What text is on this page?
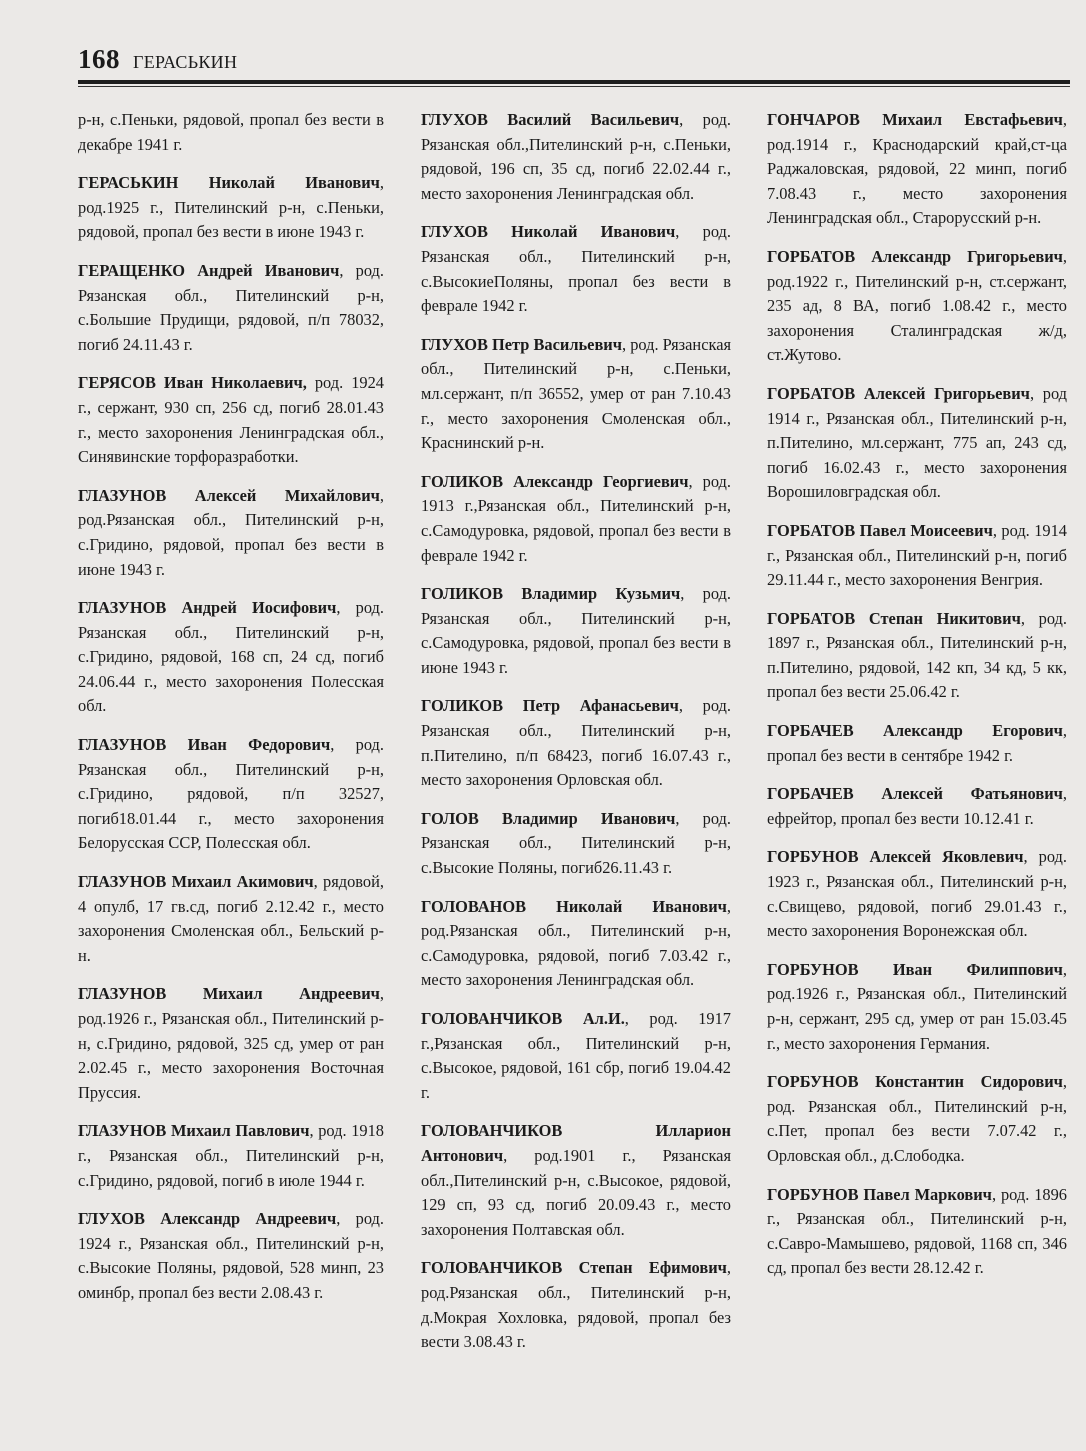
168 ГЕРАСЬКИН

р-н, с.Пеньки, рядовой, пропал без вести в декабре 1941 г.

ГЕРАСЬКИН Николай Иванович, род.1925 г., Пителинский р-н, с.Пеньки, рядовой, пропал без вести в июне 1943 г.

ГЕРАЩЕНКО Андрей Иванович, род. Рязанская обл., Пителинский р-н, с.Большие Прудищи, рядовой, п/п 78032, погиб 24.11.43 г.

ГЕРЯСОВ Иван Николаевич, род. 1924 г., сержант, 930 сп, 256 сд, погиб 28.01.43 г., место захоронения Ленинградская обл., Синявинские торфоразработки.

ГЛАЗУНОВ Алексей Михайлович, род.Рязанская обл., Пителинский р-н, с.Гридино, рядовой, пропал без вести в июне 1943 г.

ГЛАЗУНОВ Андрей Иосифович, род. Рязанская обл., Пителинский р-н, с.Гридино, рядовой, 168 сп, 24 сд, погиб 24.06.44 г., место захоронения Полесская обл.

ГЛАЗУНОВ Иван Федорович, род. Рязанская обл., Пителинский р-н, с.Гридино, рядовой, п/п 32527, погиб18.01.44 г., место захоронения Белорусская ССР, Полесская обл.

ГЛАЗУНОВ Михаил Акимович, рядовой, 4 опулб, 17 гв.сд, погиб 2.12.42 г., место захоронения Смоленская обл., Бельский р-н.

ГЛАЗУНОВ Михаил Андреевич, род.1926 г., Рязанская обл., Пителинский р-н, с.Гридино, рядовой, 325 сд, умер от ран 2.02.45 г., место захоронения Восточная Пруссия.

ГЛАЗУНОВ Михаил Павлович, род. 1918 г., Рязанская обл., Пителинский р-н, с.Гридино, рядовой, погиб в июле 1944 г.

ГЛУХОВ Александр Андреевич, род. 1924 г., Рязанская обл., Пителинский р-н, с.Высокие Поляны, рядовой, 528 минп, 23 оминбр, пропал без вести 2.08.43 г.

ГЛУХОВ Василий Васильевич, род. Рязанская обл.,Пителинский р-н, с.Пеньки, рядовой, 196 сп, 35 сд, погиб 22.02.44 г., место захоронения Ленинградская обл.

ГЛУХОВ Николай Иванович, род. Рязанская обл., Пителинский р-н, с.ВысокиеПоляны, пропал без вести в феврале 1942 г.

ГЛУХОВ Петр Васильевич, род. Рязанская обл., Пителинский р-н, с.Пеньки, мл.сержант, п/п 36552, умер от ран 7.10.43 г., место захоронения Смоленская обл., Краснинский р-н.

ГОЛИКОВ Александр Георгиевич, род. 1913 г.,Рязанская обл., Пителинский р-н, с.Самодуровка, рядовой, пропал без вести в феврале 1942 г.

ГОЛИКОВ Владимир Кузьмич, род. Рязанская обл., Пителинский р-н, с.Самодуровка, рядовой, пропал без вести в июне 1943 г.

ГОЛИКОВ Петр Афанасьевич, род. Рязанская обл., Пителинский р-н, п.Пителино, п/п 68423, погиб 16.07.43 г., место захоронения Орловская обл.

ГОЛОВ Владимир Иванович, род. Рязанская обл., Пителинский р-н, с.Высокие Поляны, погиб26.11.43 г.

ГОЛОВАНОВ Николай Иванович, род.Рязанская обл., Пителинский р-н, с.Самодуровка, рядовой, погиб 7.03.42 г., место захоронения Ленинградская обл.

ГОЛОВАНЧИКОВ Ал.И., род. 1917 г.,Рязанская обл., Пителинский р-н, с.Высокое, рядовой, 161 сбр, погиб 19.04.42 г.

ГОЛОВАНЧИКОВ Илларион Антонович, род.1901 г., Рязанская обл.,Пителинский р-н, с.Высокое, рядовой, 129 сп, 93 сд, погиб 20.09.43 г., место захоронения Полтавская обл.

ГОЛОВАНЧИКОВ Степан Ефимович, род.Рязанская обл., Пителинский р-н, д.Мокрая Хохловка, рядовой, пропал без вести 3.08.43 г.

ГОНЧАРОВ Михаил Евстафьевич, род.1914 г., Краснодарский край,ст-ца Раджаловская, рядовой, 22 минп, погиб 7.08.43 г., место захоронения Ленинградская обл., Старорусский р-н.

ГОРБАТОВ Александр Григорьевич, род.1922 г., Пителинский р-н, ст.сержант, 235 ад, 8 ВА, погиб 1.08.42 г., место захоронения Сталинградская ж/д, ст.Жутово.

ГОРБАТОВ Алексей Григорьевич, род 1914 г., Рязанская обл., Пителинский р-н, п.Пителино, мл.сержант, 775 ап, 243 сд, погиб 16.02.43 г., место захоронения Ворошиловградская обл.

ГОРБАТОВ Павел Моисеевич, род. 1914 г., Рязанская обл., Пителинский р-н, погиб 29.11.44 г., место захоронения Венгрия.

ГОРБАТОВ Степан Никитович, род. 1897 г., Рязанская обл., Пителинский р-н, п.Пителино, рядовой, 142 кп, 34 кд, 5 кк, пропал без вести 25.06.42 г.

ГОРБАЧЕВ Александр Егорович, пропал без вести в сентябре 1942 г.

ГОРБАЧЕВ Алексей Фатьянович, ефрейтор, пропал без вести 10.12.41 г.

ГОРБУНОВ Алексей Яковлевич, род. 1923 г., Рязанская обл., Пителинский р-н, с.Свищево, рядовой, погиб 29.01.43 г., место захоронения Воронежская обл.

ГОРБУНОВ Иван Филиппович, род.1926 г., Рязанская обл., Пителинский р-н, сержант, 295 сд, умер от ран 15.03.45 г., место захоронения Германия.

ГОРБУНОВ Константин Сидорович, род. Рязанская обл., Пителинский р-н, с.Пет, пропал без вести 7.07.42 г., Орловская обл., д.Слободка.

ГОРБУНОВ Павел Маркович, род. 1896 г., Рязанская обл., Пителинский р-н, с.Савро-Мамышево, рядовой, 1168 сп, 346 сд, пропал без вести 28.12.42 г.
